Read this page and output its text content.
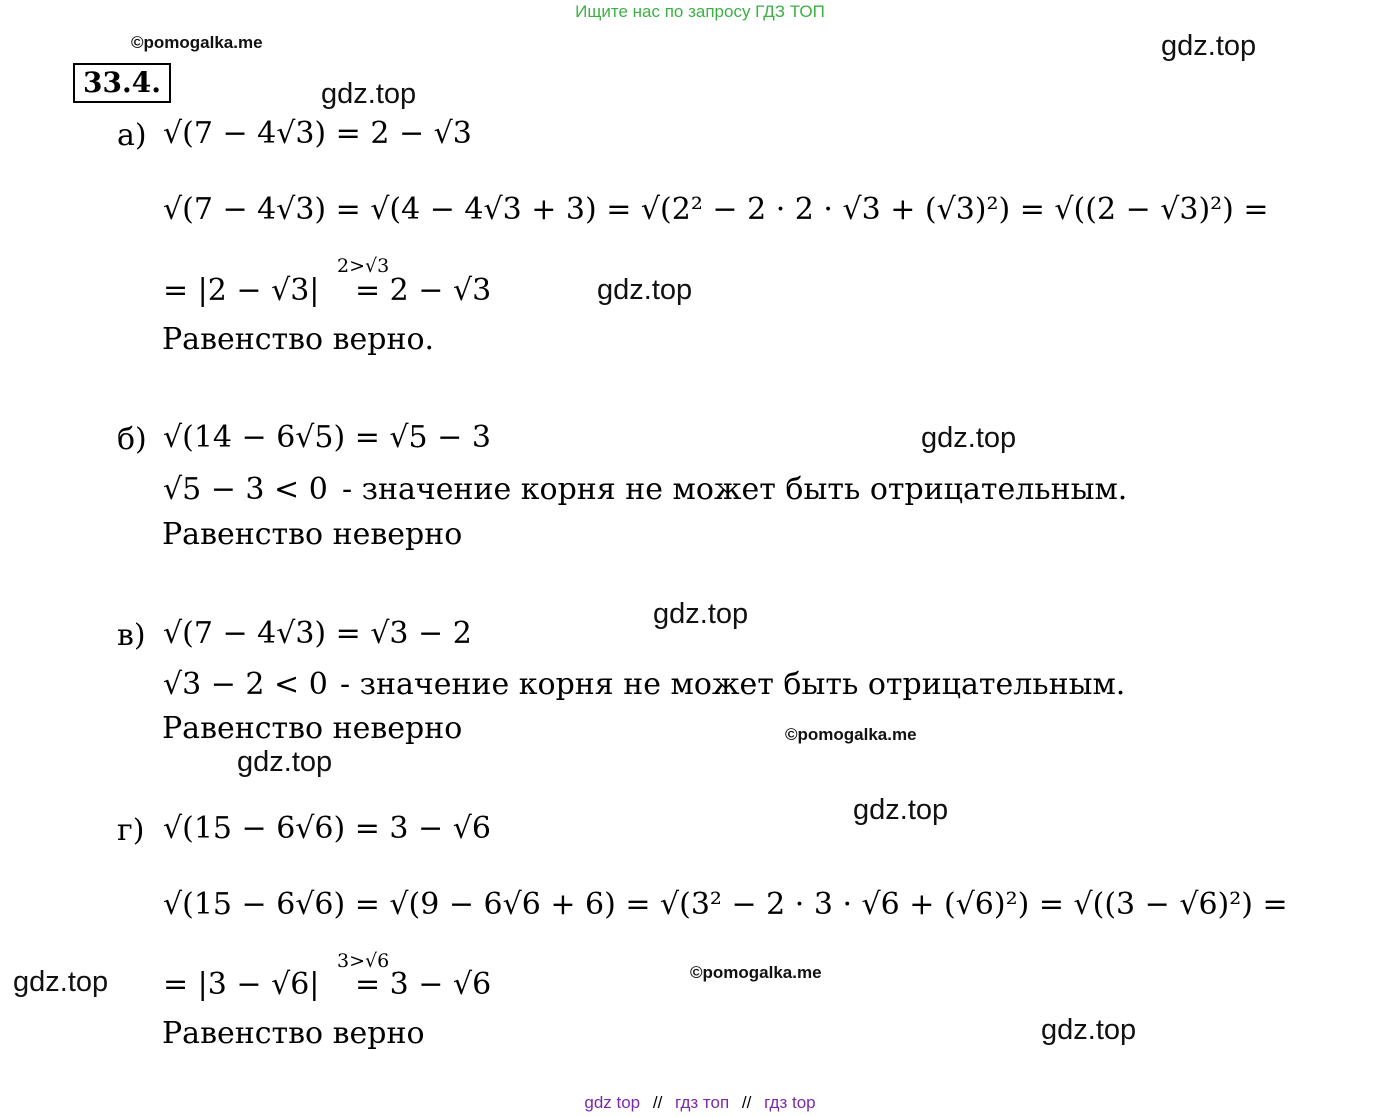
Ищите нас по запросу ГДЗ ТОП
©pomogalka.me	gdz.top
gdz.top
gdz.top
gdz.top
gdz.top
©pomogalka.me
gdz.top
gdz.top
gdz.top	©pomogalka.me
gdz.top
33.4.
а) √(7 − 4√3) = 2 − √3
√(7 − 4√3) = √(4 − 4√3 + 3) = √(2² − 2 · 2 · √3 + (√3)²) = √((2 − √3)²) =
= |2 − √3|
2>√3
= 2 − √3
Равенство верно.
б) √(14 − 6√5) = √5 − 3
√5 − 3 < 0 - значение корня не может быть отрицательным.
Равенство неверно
в) √(7 − 4√3) = √3 − 2
√3 − 2 < 0 - значение корня не может быть отрицательным.
Равенство неверно
г) √(15 − 6√6) = 3 − √6
√(15 − 6√6) = √(9 − 6√6 + 6) = √(3² − 2 · 3 · √6 + (√6)²) = √((3 − √6)²) =
= |3 − √6|
3>√6
= 3 − √6
Равенство верно
gdz top // гдз топ // гдз top
